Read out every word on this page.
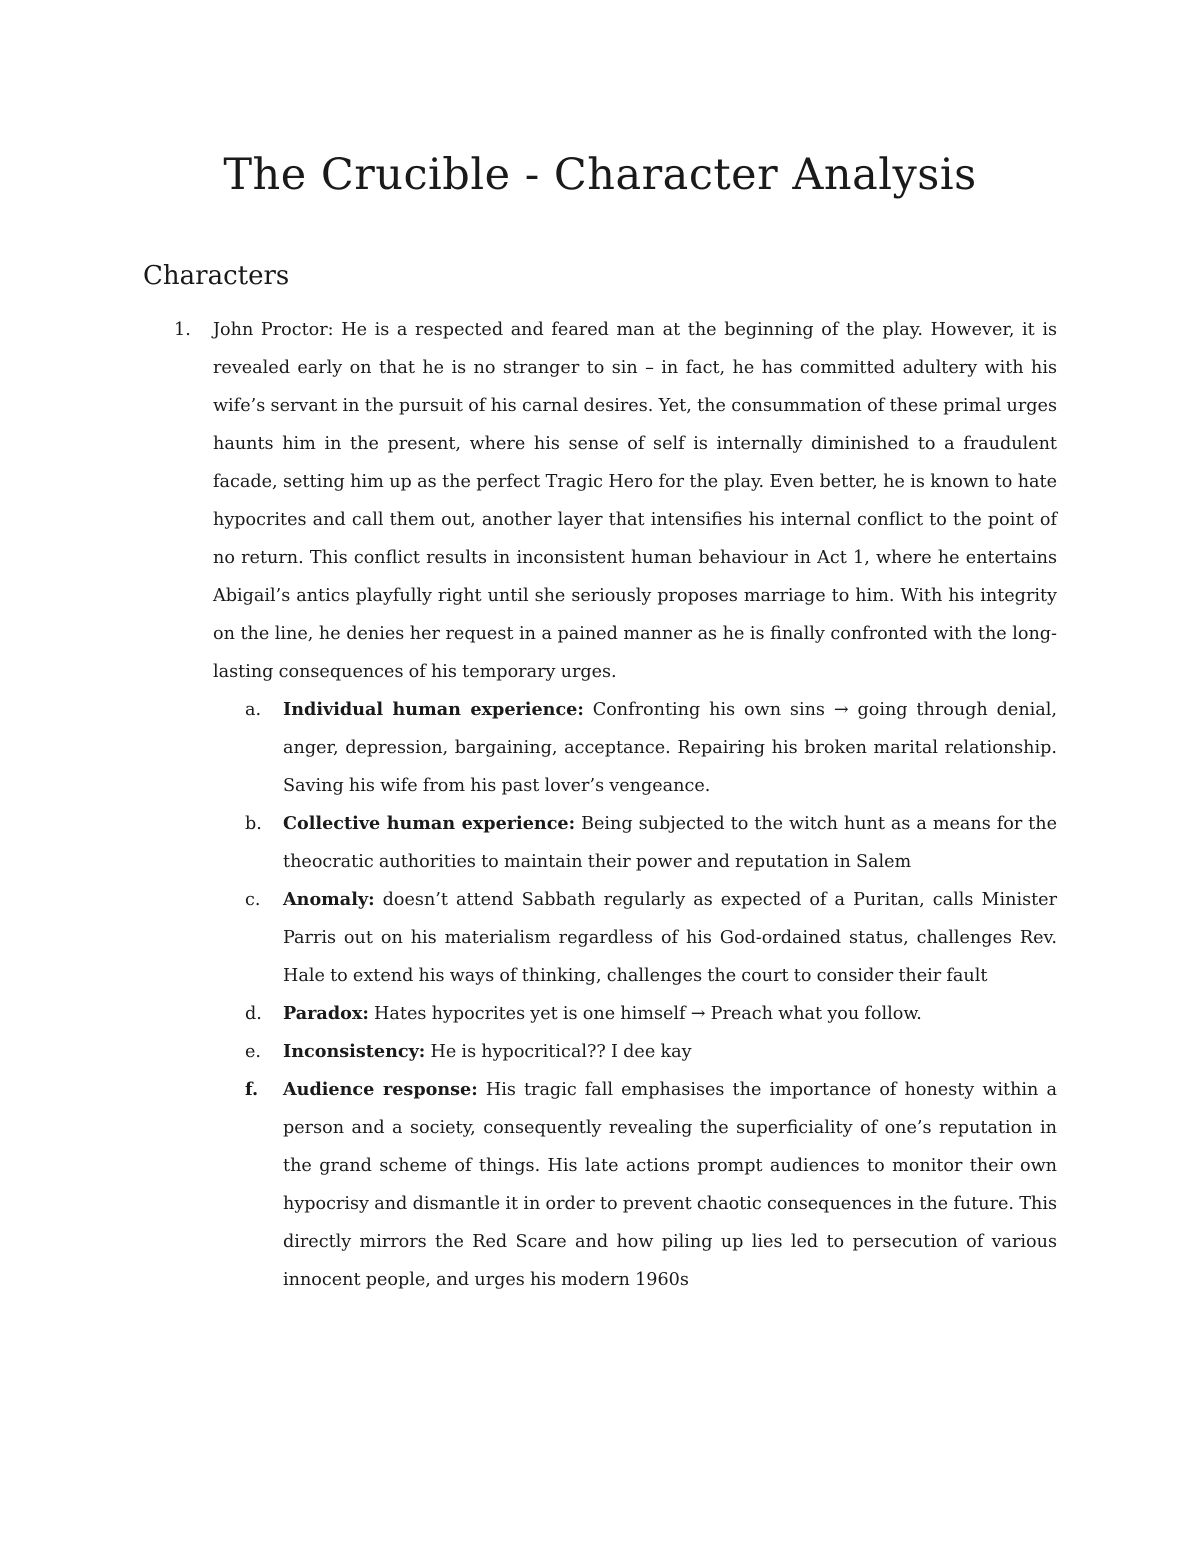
The Crucible - Character Analysis
Characters
1. John Proctor: He is a respected and feared man at the beginning of the play. However, it is revealed early on that he is no stranger to sin – in fact, he has committed adultery with his wife’s servant in the pursuit of his carnal desires. Yet, the consummation of these primal urges haunts him in the present, where his sense of self is internally diminished to a fraudulent facade, setting him up as the perfect Tragic Hero for the play. Even better, he is known to hate hypocrites and call them out, another layer that intensifies his internal conflict to the point of no return. This conflict results in inconsistent human behaviour in Act 1, where he entertains Abigail’s antics playfully right until she seriously proposes marriage to him. With his integrity on the line, he denies her request in a pained manner as he is finally confronted with the long-lasting consequences of his temporary urges.
a. Individual human experience: Confronting his own sins → going through denial, anger, depression, bargaining, acceptance. Repairing his broken marital relationship. Saving his wife from his past lover’s vengeance.
b. Collective human experience: Being subjected to the witch hunt as a means for the theocratic authorities to maintain their power and reputation in Salem
c. Anomaly: doesn’t attend Sabbath regularly as expected of a Puritan, calls Minister Parris out on his materialism regardless of his God-ordained status, challenges Rev. Hale to extend his ways of thinking, challenges the court to consider their fault
d. Paradox: Hates hypocrites yet is one himself → Preach what you follow.
e. Inconsistency: He is hypocritical?? I dee kay
f. Audience response: His tragic fall emphasises the importance of honesty within a person and a society, consequently revealing the superficiality of one’s reputation in the grand scheme of things. His late actions prompt audiences to monitor their own hypocrisy and dismantle it in order to prevent chaotic consequences in the future. This directly mirrors the Red Scare and how piling up lies led to persecution of various innocent people, and urges his modern 1960s
